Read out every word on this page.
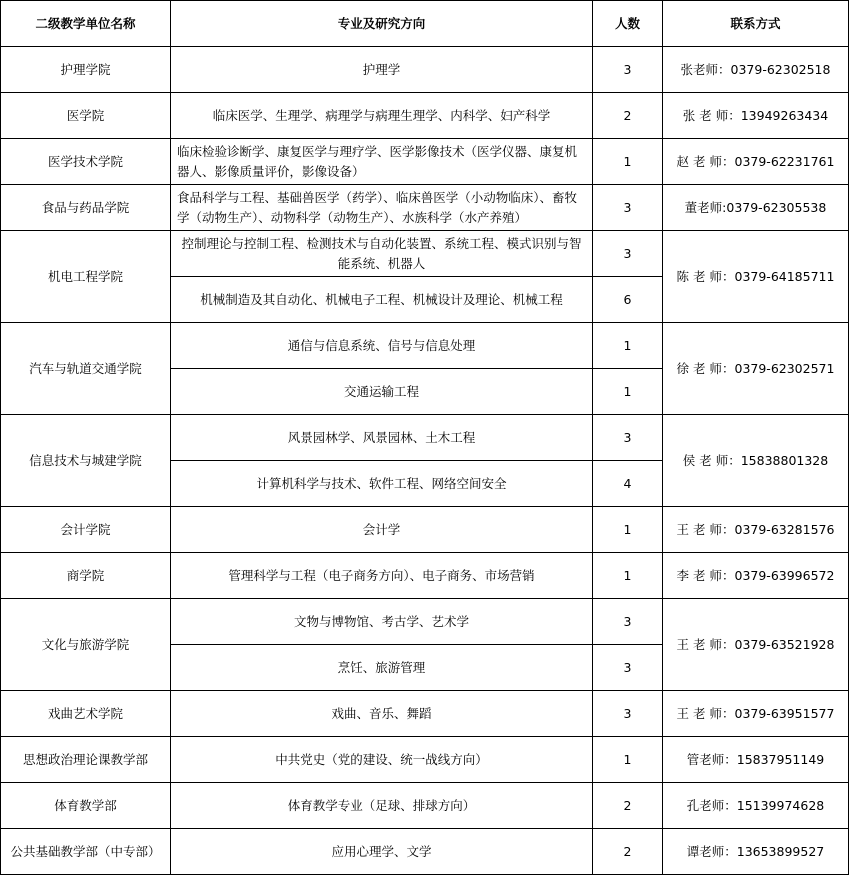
二级教学单位名称	专业及研究方向	人数	联系方式
护理学院	护理学	3	张老师：0379-62302518
医学院	临床医学、生理学、病理学与病理生理学、内科学、妇产科学	2	张 老 师：13949263434
医学技术学院	临床检验诊断学、康复医学与理疗学、医学影像技术（医学仪器、康复机器人、影像质量评价，影像设备）	1	赵 老 师：0379-62231761
食品与药品学院	食品科学与工程、基础兽医学（药学）、临床兽医学（小动物临床）、畜牧学（动物生产）、动物科学（动物生产）、水族科学（水产养殖）	3	董老师:0379-62305538
机电工程学院	控制理论与控制工程、检测技术与自动化装置、系统工程、模式识别与智能系统、机器人	3	陈 老 师：0379-64185711
	机械制造及其自动化、机械电子工程、机械设计及理论、机械工程	6	
汽车与轨道交通学院	通信与信息系统、信号与信息处理	1	徐 老 师：0379-62302571
	交通运输工程	1	
信息技术与城建学院	风景园林学、风景园林、土木工程	3	侯 老 师：15838801328
	计算机科学与技术、软件工程、网络空间安全	4	
会计学院	会计学	1	王 老 师：0379-63281576
商学院	管理科学与工程（电子商务方向）、电子商务、市场营销	1	李 老 师：0379-63996572
文化与旅游学院	文物与博物馆、考古学、艺术学	3	王 老 师：0379-63521928
	烹饪、旅游管理	3	
戏曲艺术学院	戏曲、音乐、舞蹈	3	王 老 师：0379-63951577
思想政治理论课教学部	中共党史（党的建设、统一战线方向）	1	管老师：15837951149
体育教学部	体育教学专业（足球、排球方向）	2	孔老师：15139974628
公共基础教学部（中专部）	应用心理学、文学	2	谭老师：13653899527
